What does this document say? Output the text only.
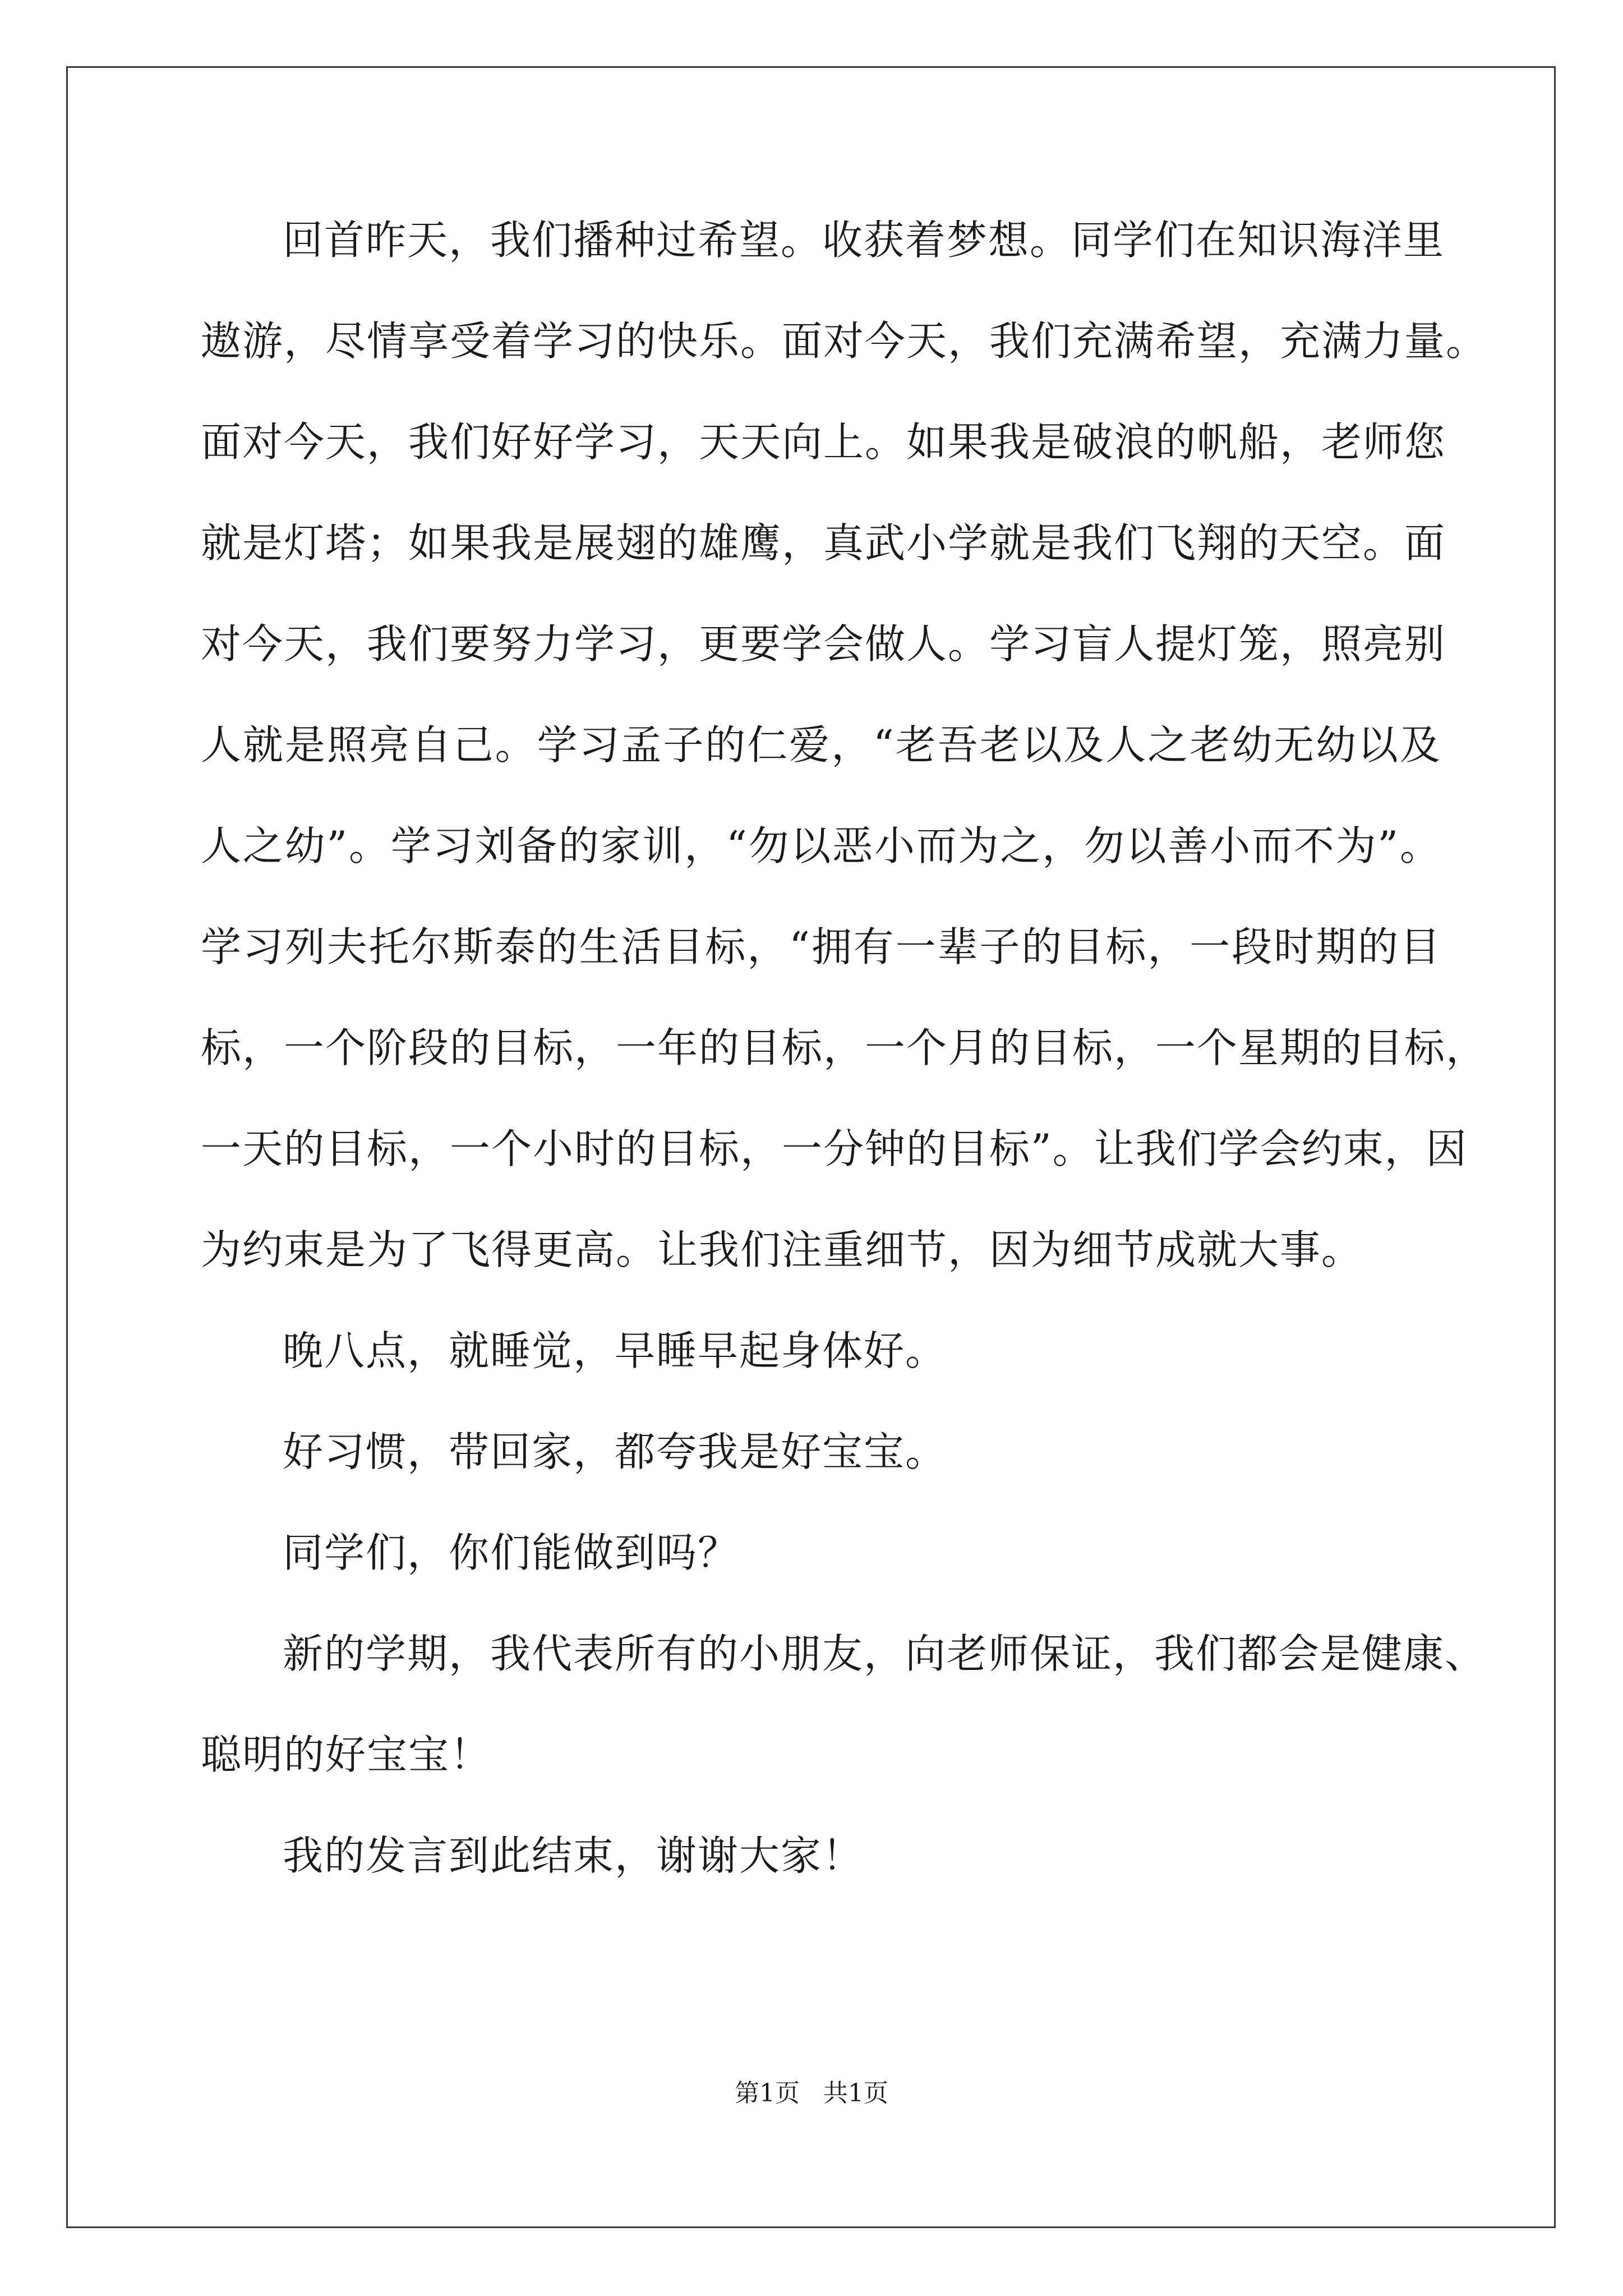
回首昨天，我们播种过希望。收获着梦想。同学们在知识海洋里
遨游，尽情享受着学习的快乐。面对今天，我们充满希望，充满力量。
面对今天，我们好好学习，天天向上。如果我是破浪的帆船，老师您
就是灯塔；如果我是展翅的雄鹰，真武小学就是我们飞翔的天空。面
对今天，我们要努力学习，更要学会做人。学习盲人提灯笼，照亮别
人就是照亮自己。学习孟子的仁爱，“老吾老以及人之老幼无幼以及
人之幼”。学习刘备的家训，“勿以恶小而为之，勿以善小而不为”。
学习列夫托尔斯泰的生活目标，“拥有一辈子的目标，一段时期的目
标，一个阶段的目标，一年的目标，一个月的目标，一个星期的目标，
一天的目标，一个小时的目标，一分钟的目标”。让我们学会约束，因
为约束是为了飞得更高。让我们注重细节，因为细节成就大事。
晚八点，就睡觉，早睡早起身体好。
好习惯，带回家，都夸我是好宝宝。
同学们，你们能做到吗？
新的学期，我代表所有的小朋友，向老师保证，我们都会是健康、
聪明的好宝宝！
我的发言到此结束，谢谢大家！
第1页   共1页
